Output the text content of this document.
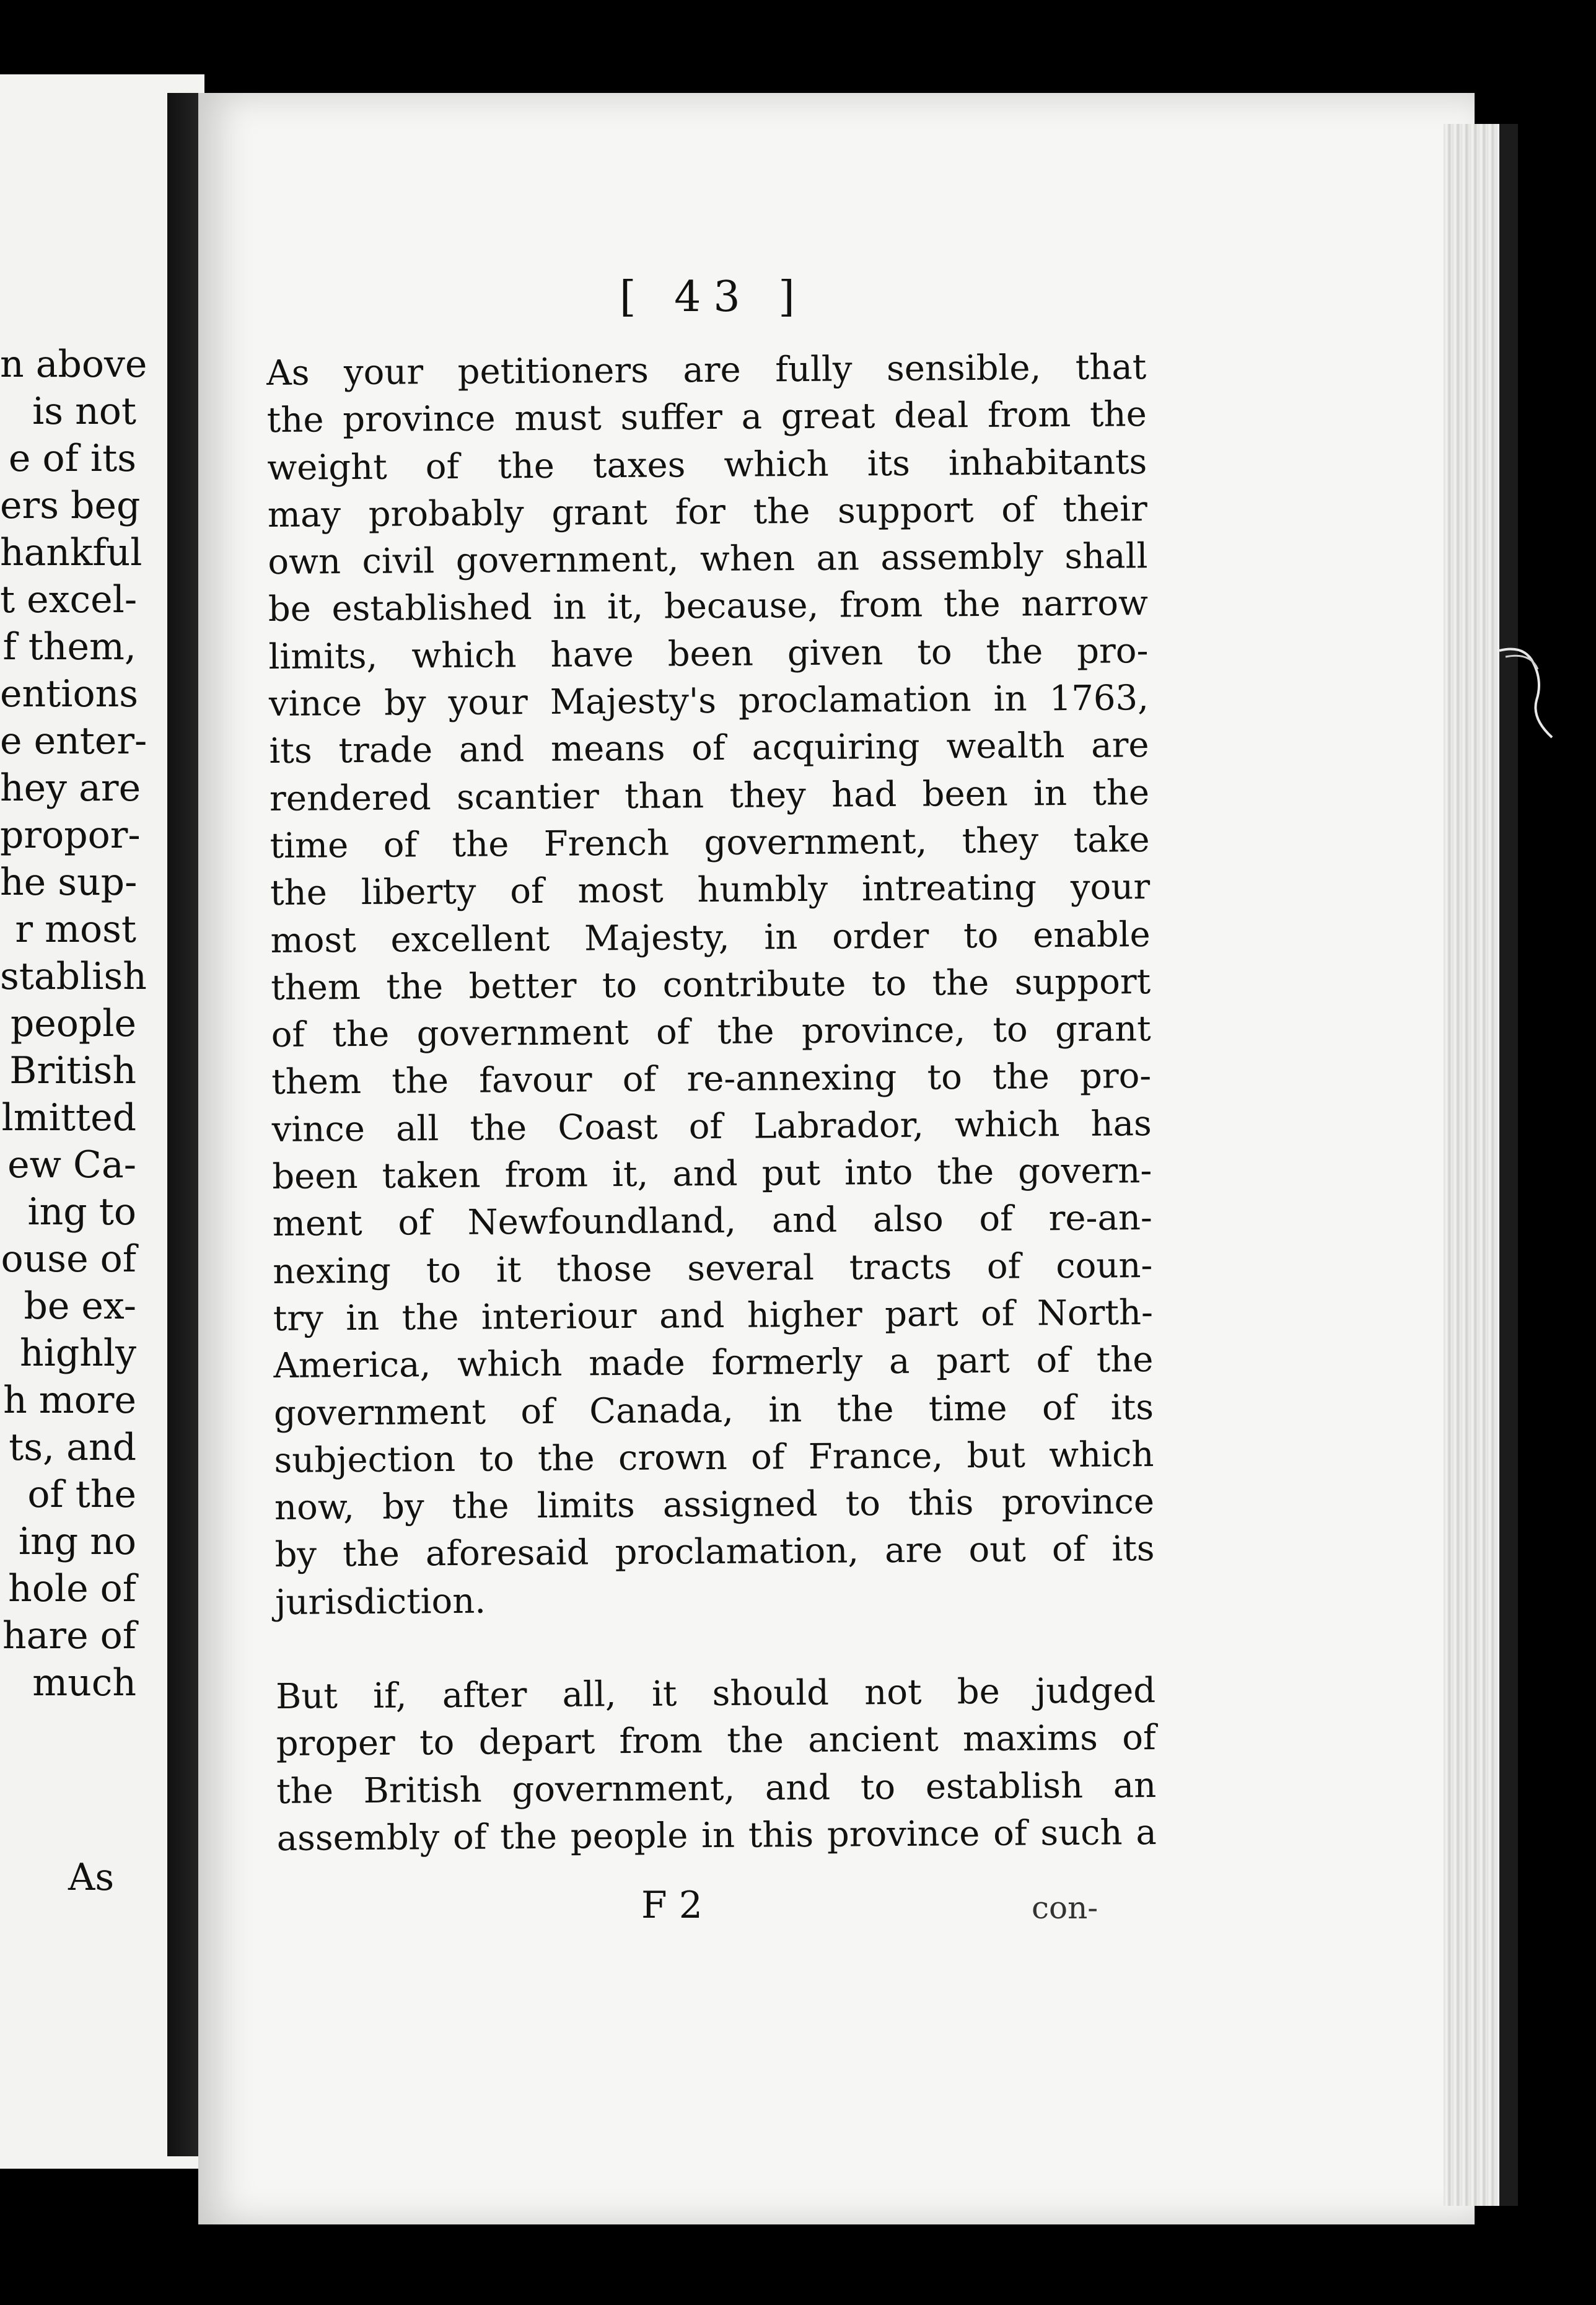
n above
is not
e of its
ers beg
hankful
t excel-
f them,
entions
e enter-
hey are
propor-
he sup-
r most
stablish
people
British
lmitted
ew Ca-
ing to
ouse of
be ex-
highly
h more
ts, and
of the
ing no
hole of
hare of
much
As
[ 43 ]
As your petitioners are fully sensible, that
the province must suffer a great deal from the
weight of the taxes which its inhabitants
may probably grant for the support of their
own civil government, when an assembly shall
be established in it, because, from the narrow
limits, which have been given to the pro-
vince by your Majesty's proclamation in 1763,
its trade and means of acquiring wealth are
rendered scantier than they had been in the
time of the French government, they take
the liberty of most humbly intreating your
most excellent Majesty, in order to enable
them the better to contribute to the support
of the government of the province, to grant
them the favour of re-annexing to the pro-
vince all the Coast of Labrador, which has
been taken from it, and put into the govern-
ment of Newfoundland, and also of re-an-
nexing to it those several tracts of coun-
try in the interiour and higher part of North-
America, which made formerly a part of the
government of Canada, in the time of its
subjection to the crown of France, but which
now, by the limits assigned to this province
by the aforesaid proclamation, are out of its
jurisdiction.
But if, after all, it should not be judged
proper to depart from the ancient maxims of
the British government, and to establish an
assembly of the people in this province of such a
F 2	con-
